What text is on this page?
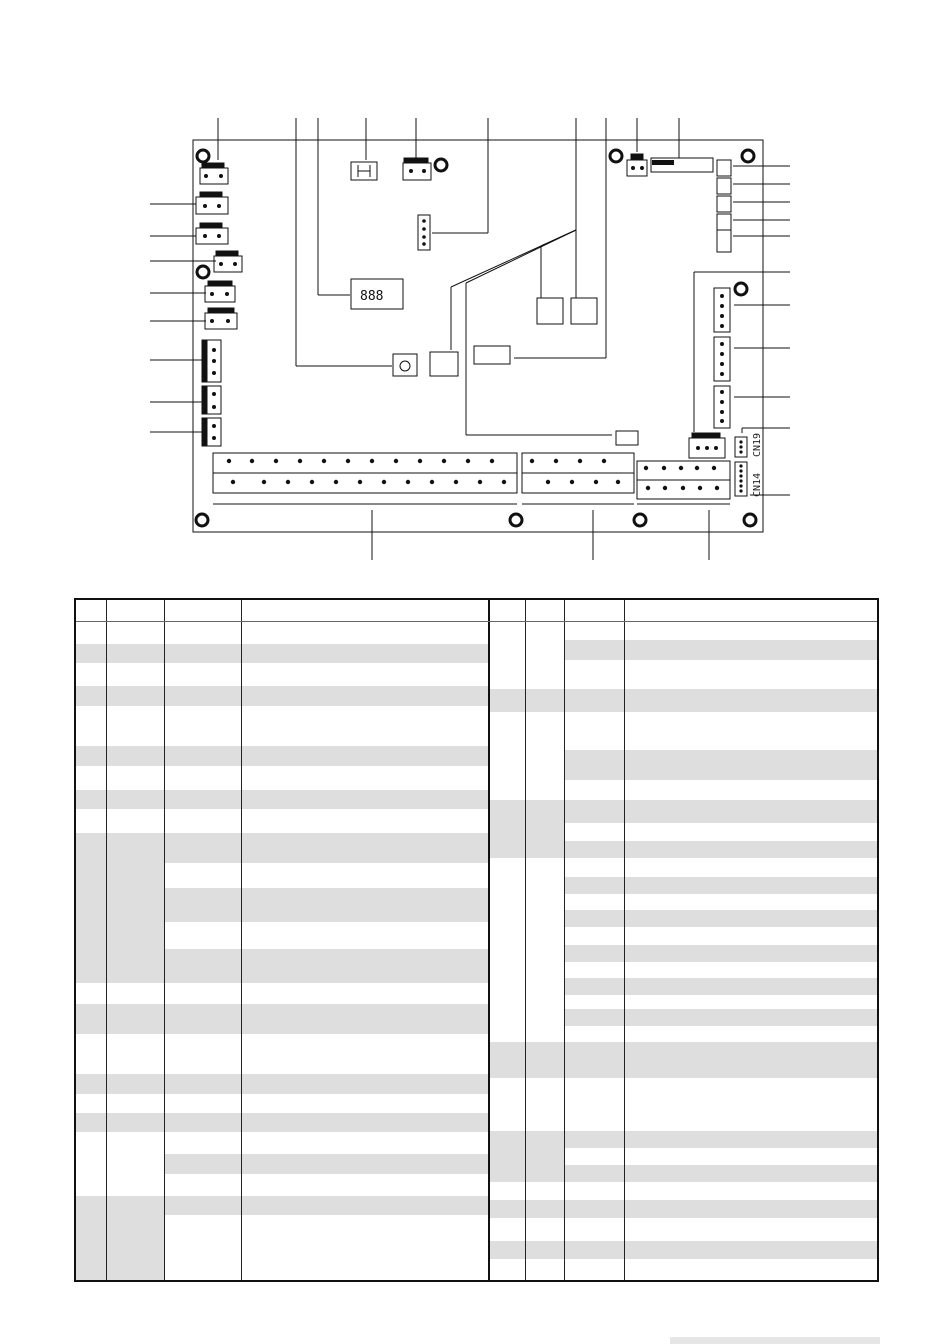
888
CN19
CN14
